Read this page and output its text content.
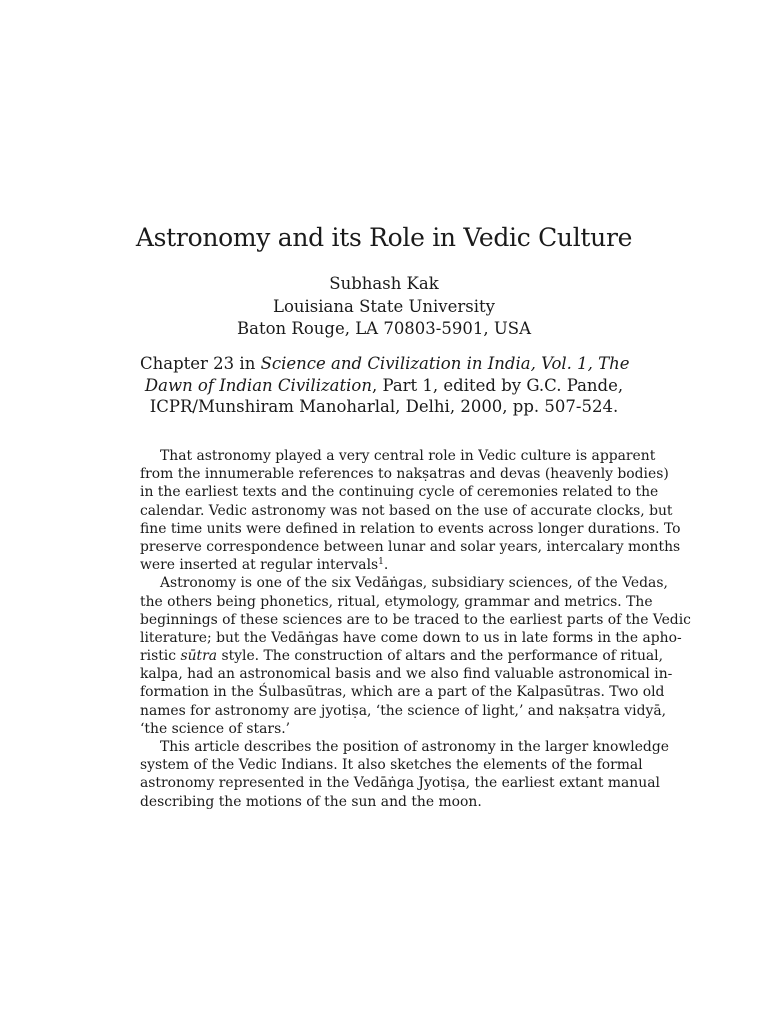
Astronomy and its Role in Vedic Culture
Subhash Kak
Louisiana State University
Baton Rouge, LA 70803-5901, USA
Chapter 23 in Science and Civilization in India, Vol. 1, The
Dawn of Indian Civilization, Part 1, edited by G.C. Pande,
ICPR/Munshiram Manoharlal, Delhi, 2000, pp. 507-524.
That astronomy played a very central role in Vedic culture is apparent
from the innumerable references to nakṣatras and devas (heavenly bodies)
in the earliest texts and the continuing cycle of ceremonies related to the
calendar. Vedic astronomy was not based on the use of accurate clocks, but
fine time units were defined in relation to events across longer durations. To
preserve correspondence between lunar and solar years, intercalary months
were inserted at regular intervals$^1$.
Astronomy is one of the six Vedāṅgas, subsidiary sciences, of the Vedas,
the others being phonetics, ritual, etymology, grammar and metrics. The
beginnings of these sciences are to be traced to the earliest parts of the Vedic
literature; but the Vedāṅgas have come down to us in late forms in the apho-
ristic sūtra style. The construction of altars and the performance of ritual,
kalpa, had an astronomical basis and we also find valuable astronomical in-
formation in the Śulbasūtras, which are a part of the Kalpasūtras. Two old
names for astronomy are jyotiṣa, ‘the science of light,’ and nakṣatra vidyā,
‘the science of stars.’
This article describes the position of astronomy in the larger knowledge
system of the Vedic Indians. It also sketches the elements of the formal
astronomy represented in the Vedāṅga Jyotiṣa, the earliest extant manual
describing the motions of the sun and the moon.
